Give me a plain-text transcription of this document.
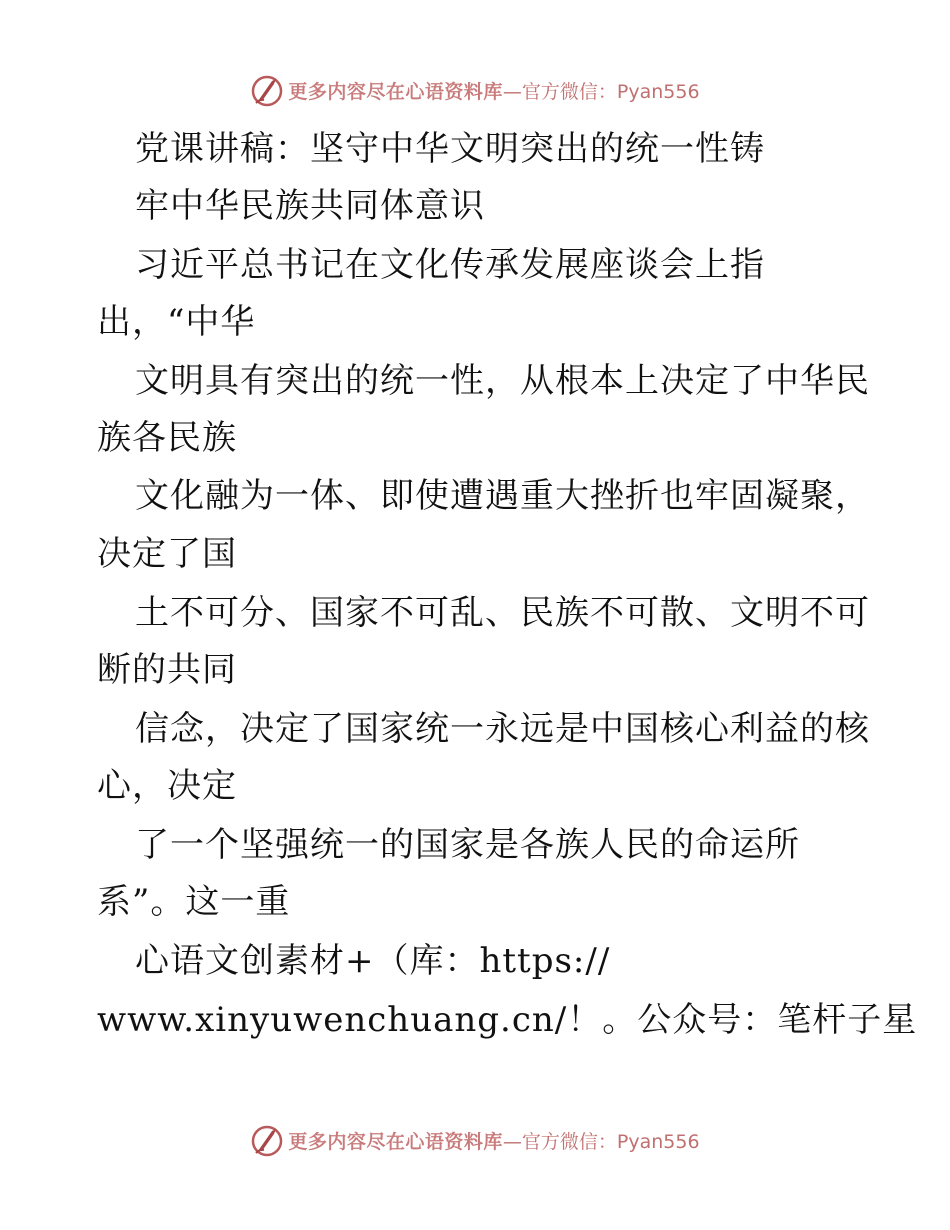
更多内容尽在心语资料库 —官方微信：Pyan556
党课讲稿：坚守中华文明突出的统一性铸
牢中华民族共同体意识
习近平总书记在文化传承发展座谈会上指
出，“中华
文明具有突出的统一性，从根本上决定了中华民
族各民族
文化融为一体、即使遭遇重大挫折也牢固凝聚，
决定了国
土不可分、国家不可乱、民族不可散、文明不可
断的共同
信念，决定了国家统一永远是中国核心利益的核
心，决定
了一个坚强统一的国家是各族人民的命运所
系”。这一重
心语文创素材+（库：https://
www.xinyuwenchuang.cn/！。公众号：笔杆子星
更多内容尽在心语资料库 —官方微信：Pyan556
